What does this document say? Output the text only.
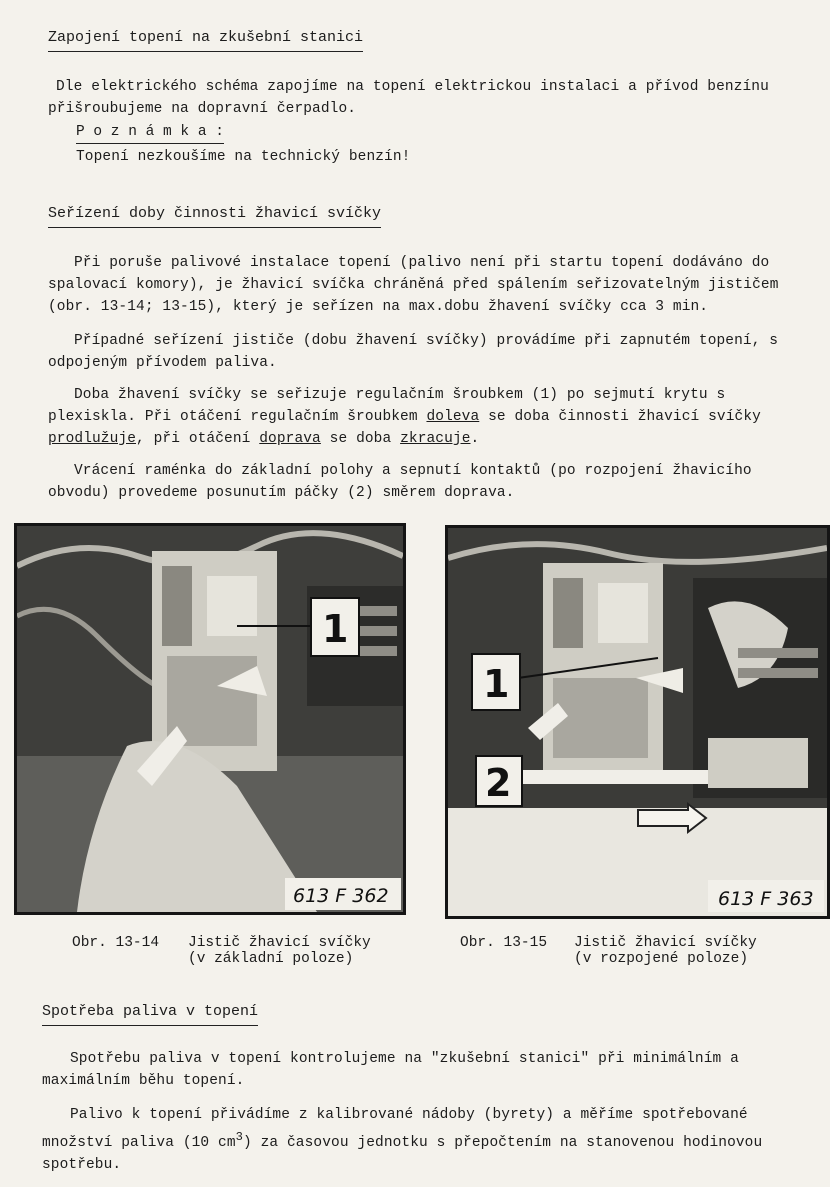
Zapojení topení na zkušební stanici

Dle elektrického schéma zapojíme na topení elektrickou instalaci a přívod benzínu přišroubujeme na dopravní čerpadlo.

P o z n á m k a :

Topení nezkoušíme na technický benzín!

Seřízení doby činnosti žhavicí svíčky

Při poruše palivové instalace topení (palivo není při startu topení dodáváno do spalovací komory), je žhavicí svíčka chráněná před spálením seřizovatelným jističem (obr. 13-14; 13-15), který je seřízen na max.dobu žhavení svíčky cca 3 min.

Případné seřízení jističe (dobu žhavení svíčky) provádíme při zapnutém topení, s odpojeným přívodem paliva.

Doba žhavení svíčky se seřizuje regulačním šroubkem (1) po sejmutí krytu s plexiskla. Při otáčení regulačním šroubkem doleva se doba činnosti žhavicí svíčky prodlužuje, při otáčení doprava se doba zkracuje.

Vrácení raménka do základní polohy a sepnutí kontaktů (po rozpojení žhavicího obvodu) provedeme posunutím páčky (2) směrem doprava.

1
613 F 362
1
2
613 F 363
Obr. 13-14 Jistič žhavicí svíčky
(v základní poloze)
Obr. 13-15 Jistič žhavicí svíčky
(v rozpojené poloze)
Spotřeba paliva v topení

Spotřebu paliva v topení kontrolujeme na "zkušební stanici" při minimálním a maximálním běhu topení.

Palivo k topení přivádíme z kalibrované nádoby (byrety) a měříme spotřebované množství paliva (10 $cm^3$) za časovou jednotku s přepočtením na stanovenou hodinovou spotřebu.
